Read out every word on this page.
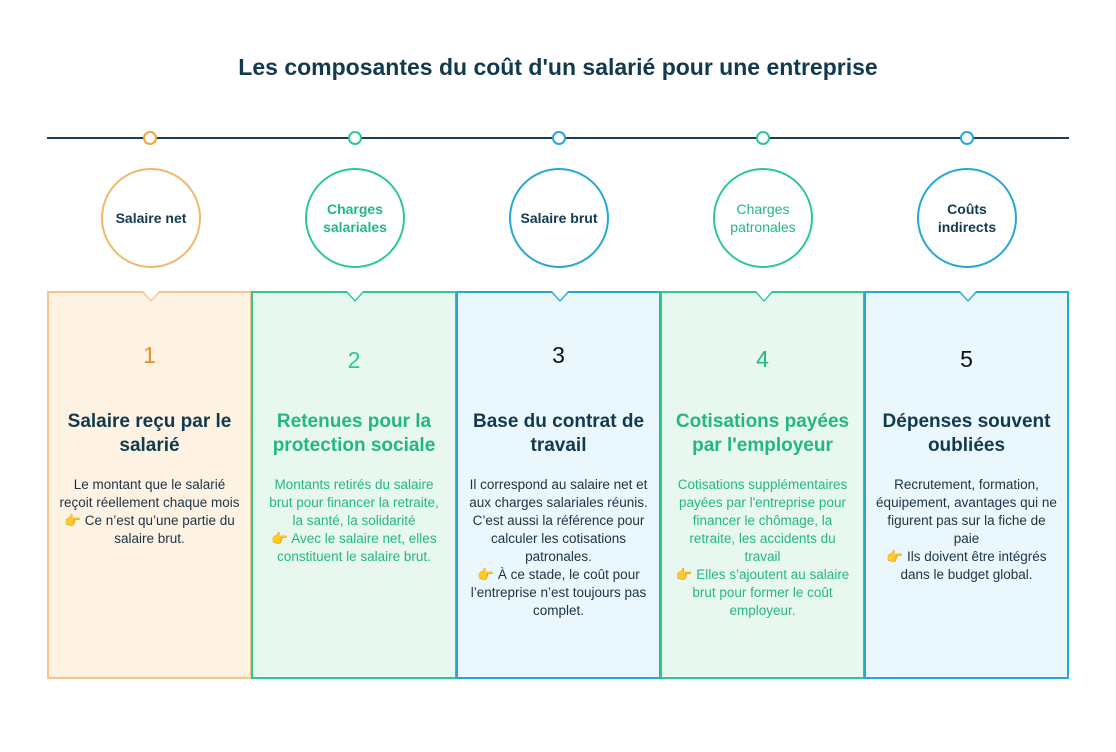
Les composantes du coût d'un salarié pour une entreprise
Salaire net
1
Salaire reçu par le salarié
Le montant que le salarié reçoit réellement chaque mois
👉 Ce n’est qu’une partie du salaire brut.
Charges salariales
2
Retenues pour la protection sociale
Montants retirés du salaire brut pour financer la retraite, la santé, la solidarité
👉 Avec le salaire net, elles constituent le salaire brut.
Salaire brut
3
Base du contrat de travail
Il correspond au salaire net et aux charges salariales réunis.
C’est aussi la référence pour calculer les cotisations patronales.
👉 À ce stade, le coût pour l’entreprise n’est toujours pas complet.
Charges patronales
4
Cotisations payées par l'employeur
Cotisations supplémentaires payées par l'entreprise pour financer le chômage, la retraite, les accidents du travail
👉 Elles s’ajoutent au salaire brut pour former le coût employeur.
Coûts indirects
5
Dépenses souvent oubliées
Recrutement, formation, équipement, avantages qui ne figurent pas sur la fiche de paie
👉 Ils doivent être intégrés dans le budget global.
